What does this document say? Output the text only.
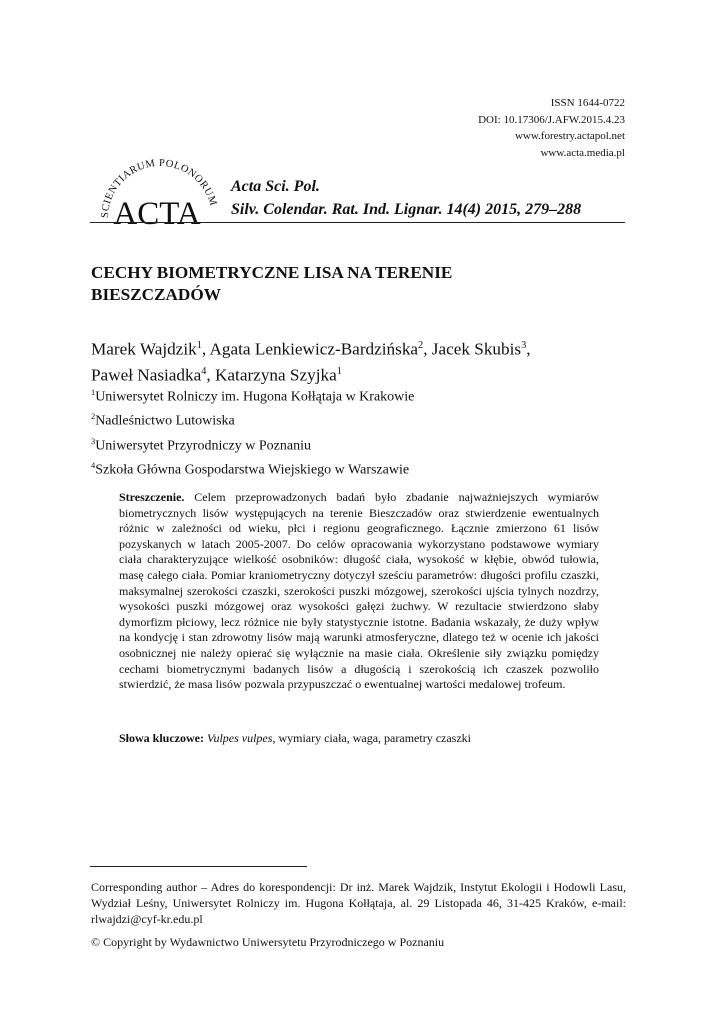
ISSN 1644-0722
DOI: 10.17306/J.AFW.2015.4.23
www.forestry.actapol.net
www.acta.media.pl
SCIENTIARUM POLONORUM
ACTA
Acta Sci. Pol.
Silv. Colendar. Rat. Ind. Lignar. 14(4) 2015, 279–288
CECHY BIOMETRYCZNE LISA NA TERENIE
BIESZCZADÓW
Marek Wajdzik$^1$, Agata Lenkiewicz-Bardzińska$^2$, Jacek Skubis$^3$,
Paweł Nasiadka$^4$, Katarzyna Szyjka$^1$
$^1$Uniwersytet Rolniczy im. Hugona Kołłątaja w Krakowie
$^2$Nadleśnictwo Lutowiska
$^3$Uniwersytet Przyrodniczy w Poznaniu
$^4$Szkoła Główna Gospodarstwa Wiejskiego w Warszawie
Streszczenie. Celem przeprowadzonych badań było zbadanie najważniejszych wymiarów biometrycznych lisów występujących na terenie Bieszczadów oraz stwierdzenie ewentualnych różnic w zależności od wieku, płci i regionu geograficznego. Łącznie zmierzono 61 lisów pozyskanych w latach 2005-2007. Do celów opracowania wykorzystano podstawowe wymiary ciała charakteryzujące wielkość osobników: długość ciała, wysokość w kłębie, obwód tułowia, masę całego ciała. Pomiar kraniometryczny dotyczył sześciu parametrów: długości profilu czaszki, maksymalnej szerokości czaszki, szerokości puszki mózgowej, szerokości ujścia tylnych nozdrzy, wysokości puszki mózgowej oraz wysokości gałęzi żuchwy. W rezultacie stwierdzono słaby dymorfizm płciowy, lecz różnice nie były statystycznie istotne. Badania wskazały, że duży wpływ na kondycję i stan zdrowotny lisów mają warunki atmosferyczne, dlatego też w ocenie ich jakości osobnicznej nie należy opierać się wyłącznie na masie ciała. Określenie siły związku pomiędzy cechami biometrycznymi badanych lisów a długością i szerokością ich czaszek pozwoliło stwierdzić, że masa lisów pozwala przypuszczać o ewentualnej wartości medalowej trofeum.
Słowa kluczowe: Vulpes vulpes, wymiary ciała, waga, parametry czaszki
Corresponding author – Adres do korespondencji: Dr inż. Marek Wajdzik, Instytut Ekologii i Hodowli Lasu, Wydział Leśny, Uniwersytet Rolniczy im. Hugona Kołłątaja, al. 29 Listopada 46, 31-425 Kraków, e-mail: rlwajdzi@cyf-kr.edu.pl
© Copyright by Wydawnictwo Uniwersytetu Przyrodniczego w Poznaniu
